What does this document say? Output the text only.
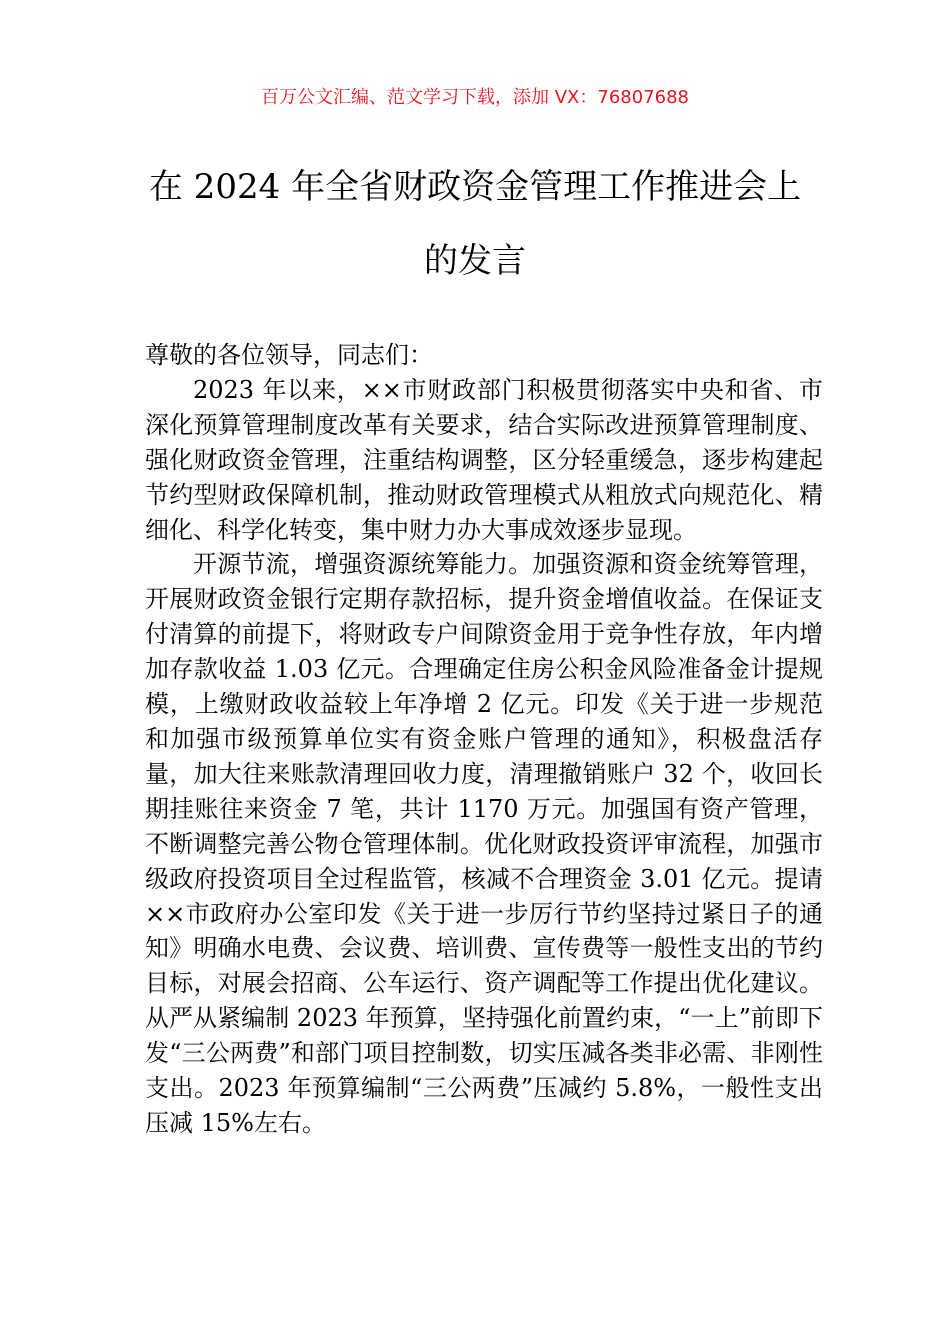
百万公文汇编、范文学习下载，添加 VX：76807688
在 2024 年全省财政资金管理工作推进会上
的发言

尊敬的各位领导，同志们：

2023 年以来，××市财政部门积极贯彻落实中央和省、市深化预算管理制度改革有关要求，结合实际改进预算管理制度、强化财政资金管理，注重结构调整，区分轻重缓急，逐步构建起节约型财政保障机制，推动财政管理模式从粗放式向规范化、精细化、科学化转变，集中财力办大事成效逐步显现。

开源节流，增强资源统筹能力。加强资源和资金统筹管理，开展财政资金银行定期存款招标，提升资金增值收益。在保证支付清算的前提下，将财政专户间隙资金用于竞争性存放，年内增加存款收益 1.03 亿元。合理确定住房公积金风险准备金计提规模，上缴财政收益较上年净增 2 亿元。印发《关于进一步规范和加强市级预算单位实有资金账户管理的通知》，积极盘活存量，加大往来账款清理回收力度，清理撤销账户 32 个，收回长期挂账往来资金 7 笔，共计 1170 万元。加强国有资产管理，不断调整完善公物仓管理体制。优化财政投资评审流程，加强市级政府投资项目全过程监管，核减不合理资金 3.01 亿元。提请××市政府办公室印发《关于进一步厉行节约坚持过紧日子的通知》明确水电费、会议费、培训费、宣传费等一般性支出的节约目标，对展会招商、公车运行、资产调配等工作提出优化建议。从严从紧编制 2023 年预算，坚持强化前置约束，“一上”前即下发“三公两费”和部门项目控制数，切实压减各类非必需、非刚性支出。2023 年预算编制“三公两费”压减约 5.8%，一般性支出压减 15%左右。
